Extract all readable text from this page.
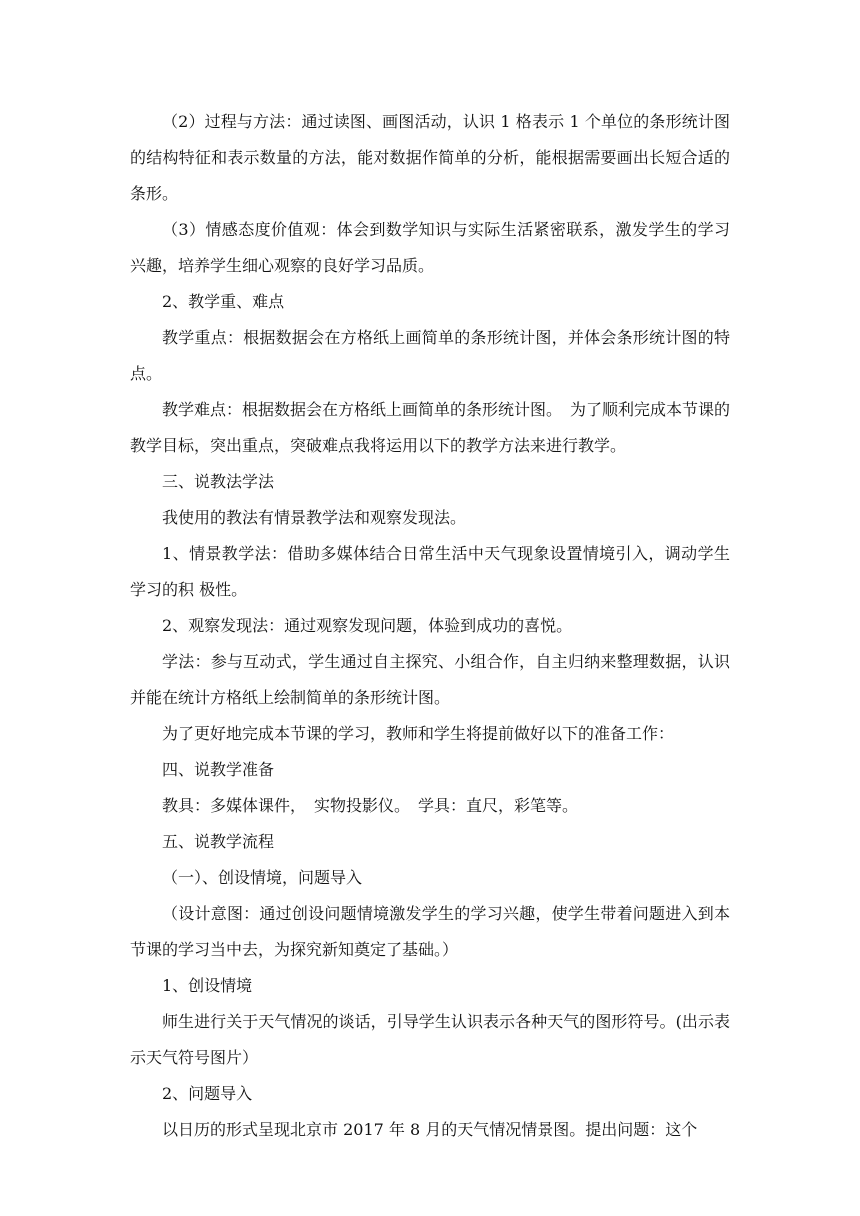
（2）过程与方法：通过读图、画图活动，认识 1 格表示 1 个单位的条形统计图的结构特征和表示数量的方法，能对数据作简单的分析，能根据需要画出长短合适的条形。

（3）情感态度价值观：体会到数学知识与实际生活紧密联系，激发学生的学习兴趣，培养学生细心观察的良好学习品质。

2、教学重、难点

教学重点：根据数据会在方格纸上画简单的条形统计图，并体会条形统计图的特点。

教学难点：根据数据会在方格纸上画简单的条形统计图。　为了顺利完成本节课的教学目标，突出重点，突破难点我将运用以下的教学方法来进行教学。

三、说教法学法

我使用的教法有情景教学法和观察发现法。

1、情景教学法：借助多媒体结合日常生活中天气现象设置情境引入，调动学生学习的积 极性。

2、观察发现法：通过观察发现问题，体验到成功的喜悦。

学法：参与互动式，学生通过自主探究、小组合作，自主归纳来整理数据，认识并能在统计方格纸上绘制简单的条形统计图。

为了更好地完成本节课的学习，教师和学生将提前做好以下的准备工作：

四、说教学准备

教具：多媒体课件，　实物投影仪。　学具：直尺，彩笔等。

五、说教学流程

（一）、创设情境，问题导入

（设计意图：通过创设问题情境激发学生的学习兴趣，使学生带着问题进入到本节课的学习当中去，为探究新知奠定了基础。）

1、创设情境

师生进行关于天气情况的谈话，引导学生认识表示各种天气的图形符号。(出示表示天气符号图片）

2、问题导入

以日历的形式呈现北京市 2017 年 8 月的天气情况情景图。提出问题：这个
